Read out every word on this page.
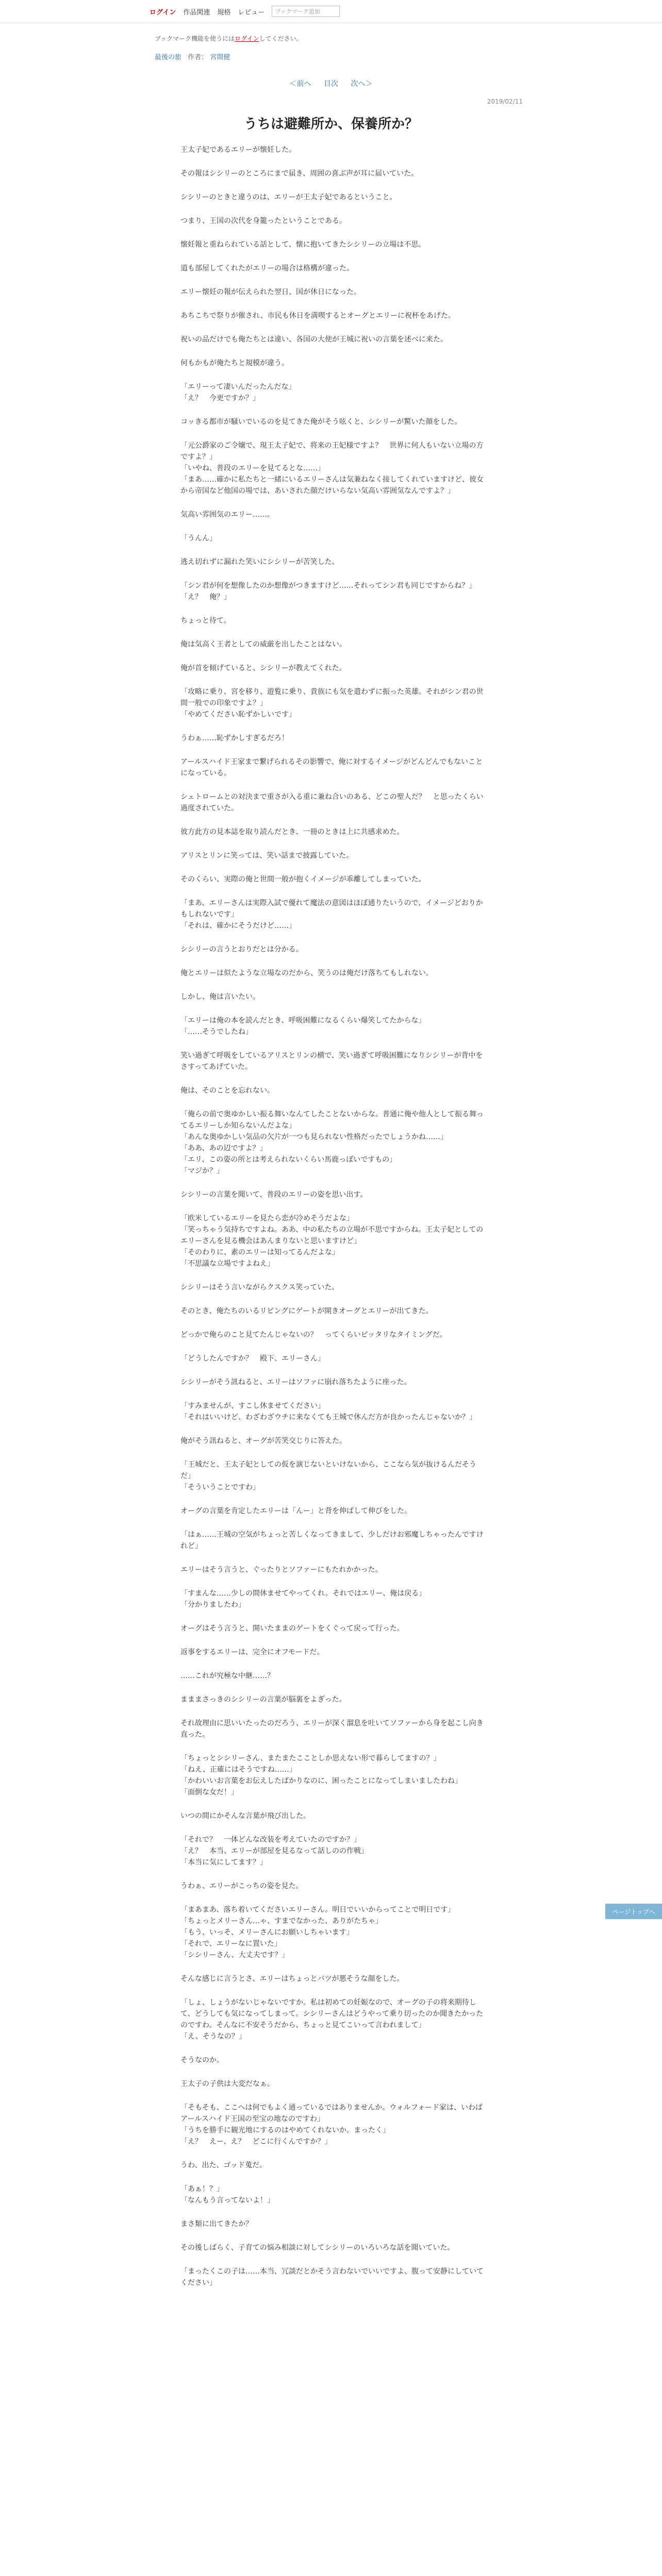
ログイン 作品関連 規格 レビュー	ブックマーク追加
ブックマーク機能を使うにはログインしてください。
最後の旅 作者： 宮間健
＜前へ 目次 次へ＞
2019/02/11
うちは避難所か、保養所か？

王太子妃であるエリーが懐妊した。

その報はシシリーのところにまで届き、周囲の喜ぶ声が耳に届いていた。

シシリーのときと違うのは、エリーが王太子妃であるということ。

つまり、王国の次代を身籠ったということである。

懐妊報と重ねられている話として、懐に抱いてきたシシリーの立場は不思。

道も部屋してくれたがエリーの場合は格構が違った。

エリー懐妊の報が伝えられた翌日、国が休日になった。

あちこちで祭りが催され、市民も休日を満喫するとオーグとエリーに祝杯をあげた。

祝いの品だけでも俺たちとは違い、各国の大使が王城に祝いの言葉を述べに来た。

何もかもが俺たちと規模が違う。

「エリーって凄いんだったんだな」
「え？　今更ですか？」

コッきる都市が騒いでいるのを見てきた俺がそう呟くと、シシリーが驚いた顔をした。

「元公爵家のご令嬢で、現王太子妃で、将来の王妃様ですよ？　世界に何人もいない立場の方ですよ？」
「いやね、普段のエリーを見てるとな……」
「まあ……確かに私たちと一緒にいるエリーさんは気兼ねなく接してくれていますけど、彼女から帝国など他国の場では、あいされた顔だけいらない気高い雰囲気なんですよ？」

気高い雰囲気のエリー……。

「うんん」

逃え切れずに漏れた笑いにシシリーが苦笑した。

「シン君が何を想像したのか想像がつきますけど……それってシン君も同じですからね？」
「え？　俺？」

ちょっと待て。

俺は気高く王者としての威厳を出したことはない。

俺が首を傾げていると、シシリーが教えてくれた。

「攻略に乗り、宮を移り、遊覧に乗り、貴族にも気を遣わずに振った英雄。それがシン君の世間一般での印象ですよ？」
「やめてください恥ずかしいです」

うわぁ……恥ずかしすぎるだろ！

アールスハイド王家まで繋げられるその影響で、俺に対するイメージがどんどんでもないことになっている。

シェトロームとの対決まで重さが入る重に兼ね合いのある、どこの聖人だ？　と思ったくらい過度されていた。

彼方此方の見本誌を取り読んだとき、一冊のときは上に共感求めた。

アリスとリンに笑っては、笑い話まで披露していた。

そのくらい、実際の俺と世間一般が抱くイメージが乖離してしまっていた。

「まあ、エリーさんは実際入試で優れて魔法の意図はほぼ通りたいうので、イメージどおりかもしれないです」
「それは、確かにそうだけど……」

シシリーの言うとおりだとは分かる。

俺とエリーは似たような立場なのだから、笑うのは俺だけ落ちてもしれない。

しかし、俺は言いたい。

「エリーは俺の本を読んだとき、呼吸困難になるくらい爆笑してたからな」
「……そうでしたね」

笑い過ぎて呼吸をしているアリスとリンの横で、笑い過ぎて呼吸困難になりシシリーが背中をさすってあげていた。

俺は、そのことを忘れない。

「俺らの前で奥ゆかしい振る舞いなんてしたことないからな。普通に俺や他人として振る舞ってるエリーしか知らないんだよな」
「あんな奥ゆかしい気品の欠片が一つも見られない性格だったでしょうかね……」
「ああ、あの辺ですよ？」
「エリ、この姿の所とは考えられないくらい馬鹿っぽいですもの」
「マジか？」

シシリーの言葉を聞いて、普段のエリーの姿を思い出す。

「欧米しているエリーを見たら恋が冷めそうだよな」
「笑っちゃう気持ちですよね。ああ、中の私たちの立場が不思ですからね。王太子妃としてのエリーさんを見る機会はあんまりないと思いますけど」
「そのわりに、素のエリーは知ってるんだよな」
「不思議な立場ですよねえ」

シシリーはそう言いながらクスクス笑っていた。

そのとき、俺たちのいるリビングにゲートが開きオーグとエリーが出てきた。

どっかで俺らのこと見てたんじゃないの？　ってくらいピッタリなタイミングだ。

「どうしたんですか？　殿下、エリーさん」

シシリーがそう訊ねると、エリーはソファに崩れ落ちたように座った。

「すみませんが、すこし休ませてください」
「それはいいけど、わざわざウチに来なくても王城で休んだ方が良かったんじゃないか？」

俺がそう訊ねると、オーグが苦笑交じりに答えた。

「王城だと、王太子妃としての仮を演じないといけないから、ここなら気が抜けるんだそうだ」
「そういうことですわ」

オーグの言葉を肯定したエリーは「んー」と背を伸ばして伸びをした。

「はぁ……王城の空気がちょっと苦しくなってきまして、少しだけお邪魔しちゃったんですけれど」

エリーはそう言うと、ぐったりとソファーにもたれかかった。

「すまんな……少しの間休ませてやってくれ。それではエリー、俺は戻る」
「分かりましたわ」

オーグはそう言うと、開いたままのゲートをくぐって戻って行った。

返事をするエリーは、完全にオフモードだ。

……これが究極な中継……？

まままさっきのシシリーの言葉が脳裏をよぎった。

それ故理由に思いいたったのだろう、エリーが深く溜息を吐いてソファーから身を起こし向き直った。

「ちょっとシシリーさん、またまたこことしか思えない形で暮らしてますの？」
「ねえ、正確にはそうですね……」
「かわいいお言葉をお伝えしたばかりなのに、困ったことになってしまいましたわね」
「面倒な女だ！」

いつの間にかそんな言葉が飛び出した。

「それで？　一体どんな改装を考えていたのですか？」
「え？　本当、エリーが部屋を見るなって話しのの作戦」
「本当に気にしてます？」

うわぁ、エリーがこっちの姿を見た。

「まあまあ、落ち着いてくださいエリーさん。明日でいいからってことで明日です」
「ちょっとメリーさん…ゃ、すまでなかった、ありがたちゃ」
「もう、いっそ、メリーさんにお願いしちゃいます」
「それで、エリーなに置いた」
「シシリーさん、大丈夫です？」

そんな感じに言うとさ、エリーはちょっとバツが悪そうな顔をした。

「しょ、しょうがないじゃないですか。私は初めての妊娠なので、オーグの子の将来期待して、どうしても気になってしまって。シシリーさんはどうやって乗り切ったのか聞きたかったのですわ。そんなに不安そうだから、ちょっと見てこいって言われまして」
「え、そうなの？」

そうなのか。

王太子の子供は大変だなぁ。

「そもそも、ここへは何でもよく通っているではありませんか。ウォルフォード家は、いわばアールスハイド王国の至宝の地なのですわ」
「うちを勝手に観光地にするのはやめてくれないか。まったく」
「え？　えー、え？　どこに行くんですか？」

うわ、出た、ゴッド蒐だ。

「あぁ！？」
「なんもう言ってないよ！」

まさ類に出てきたか？

その後しばらく、子育ての悩み相談に対してシシリーのいろいろな話を聞いていた。

「まったくこの子は……本当、冗談だとかそう言わないでいいですよ、腹って安静にしていてください」

ページトップへ
